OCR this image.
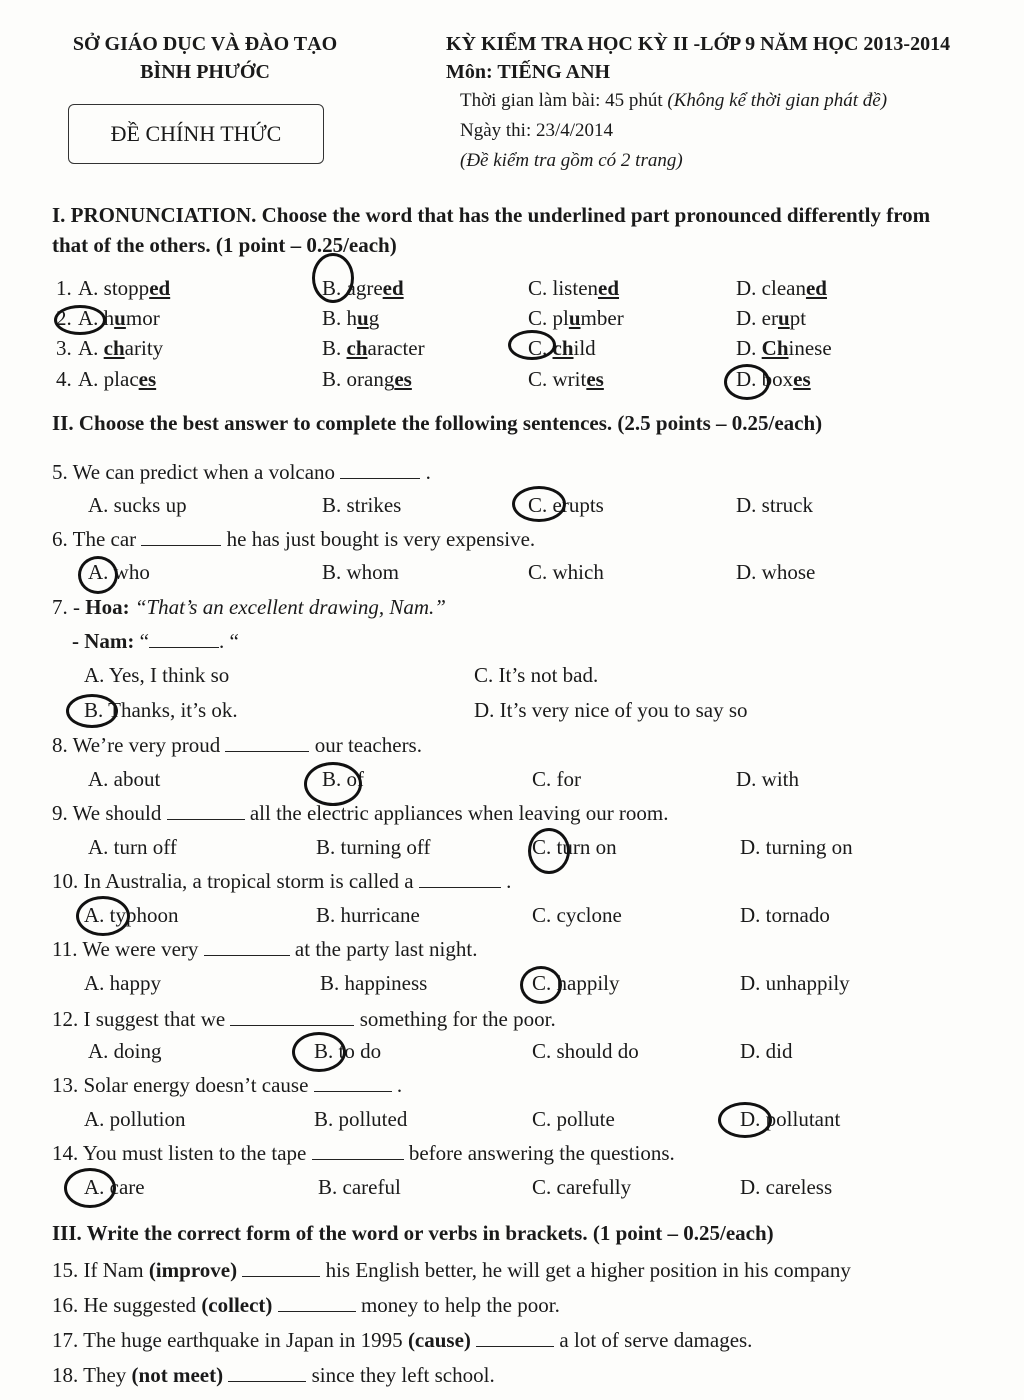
SỞ GIÁO DỤC VÀ ĐÀO TẠO
BÌNH PHƯỚC
ĐỀ CHÍNH THỨC
KỲ KIỂM TRA HỌC KỲ II -LỚP 9 NĂM HỌC 2013-2014
Môn: TIẾNG ANH
Thời gian làm bài: 45 phút (Không kể thời gian phát đề)
Ngày thi: 23/4/2014
(Đề kiểm tra gồm có 2 trang)
I. PRONUNCIATION. Choose the word that has the underlined part pronounced differently from
that of the others. (1 point – 0.25/each)
1. A. stopped	B. agreed	C. listened	D. cleaned
2. A. humor	B. hug	C. plumber	D. erupt
3. A. charity	B. character	C. child	D. Chinese
4. A. places	B. oranges	C. writes	D. boxes
II. Choose the best answer to complete the following sentences. (2.5 points – 0.25/each)
5. We can predict when a volcano	.
A. sucks up	B. strikes	C. erupts	D. struck
6. The car	he has just bought is very expensive.
A. who	B. whom	C. which	D. whose
8. We’re very proud	our teachers.
A. about	B. of	C. for	D. with
9. We should	all the electric appliances when leaving our room.
A. turn off	B. turning off	C. turn on	D. turning on
10. In Australia, a tropical storm is called a	.
A. typhoon	B. hurricane	C. cyclone	D. tornado
11. We were very	at the party last night.
A. happy	B. happiness	C. happily	D. unhappily
12. I suggest that we	something for the poor.
A. doing	B. to do	C. should do	D. did
13. Solar energy doesn’t cause	.
A. pollution	B. polluted	C. pollute	D. pollutant
14. You must listen to the tape	before answering the questions.
A. care	B. careful	C. carefully	D. careless
7. - Hoa: “That’s an excellent drawing, Nam.”
- Nam: “	. “
A. Yes, I think so	C. It’s not bad.
B. Thanks, it’s ok.	D. It’s very nice of you to say so
III. Write the correct form of the word or verbs in brackets. (1 point – 0.25/each)
15. If Nam (improve)	his English better, he will get a higher position in his company
16. He suggested (collect)	money to help the poor.
17. The huge earthquake in Japan in 1995 (cause)	a lot of serve damages.
18. They (not meet)	since they left school.
